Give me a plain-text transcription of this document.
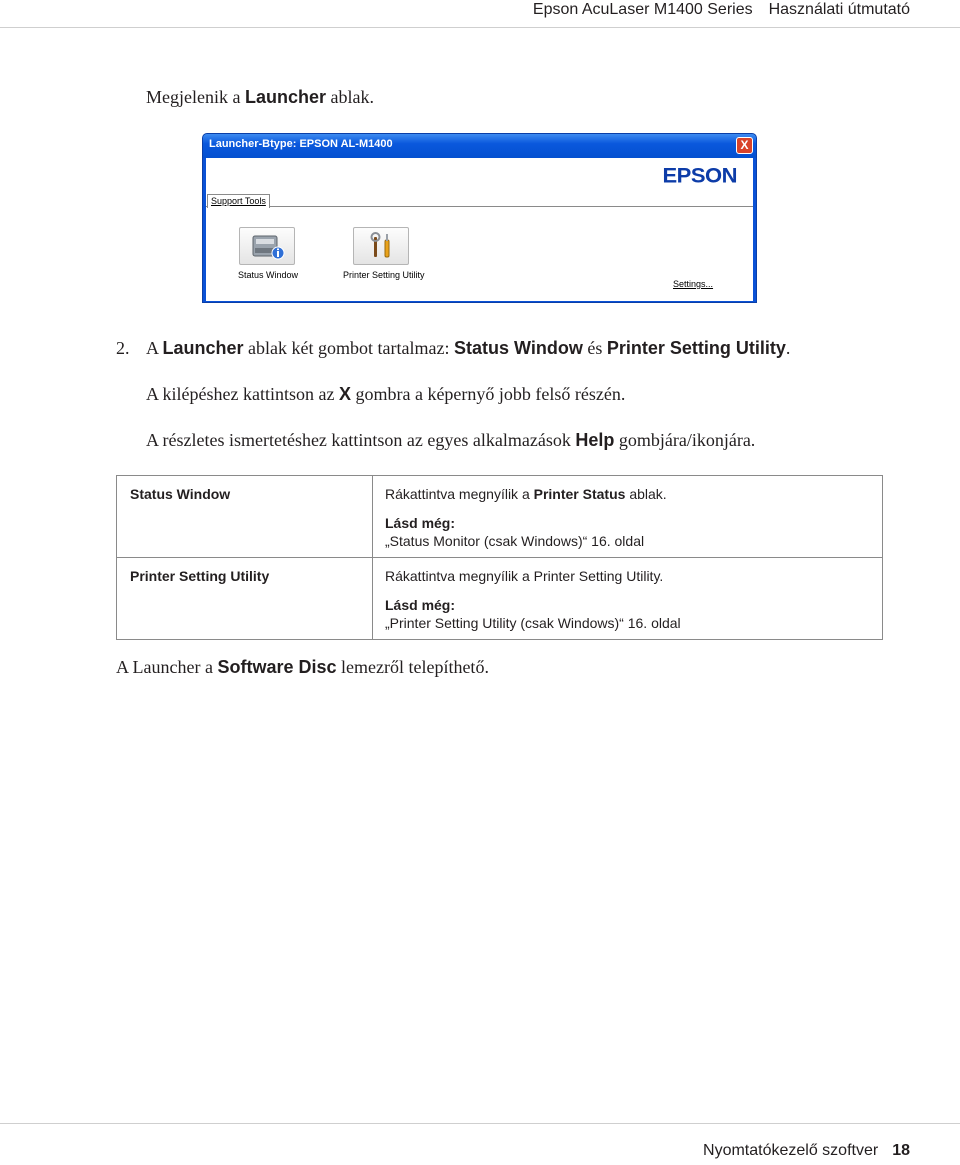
Epson AcuLaser M1400 Series Használati útmutató
Megjelenik a Launcher ablak.
Launcher-Btype: EPSON AL-M1400	X
EPSON
Support Tools
Status Window	Printer Setting Utility
Settings...
2. A Launcher ablak két gombot tartalmaz: Status Window és Printer Setting Utility.
A kilépéshez kattintson az X gombra a képernyő jobb felső részén.
A részletes ismertetéshez kattintson az egyes alkalmazások Help gombjára/ikonjára.
Status Window	Rákattintva megnyílik a Printer Status ablak.
Lásd még:
„Status Monitor (csak Windows)“ 16. oldal
Printer Setting Utility	Rákattintva megnyílik a Printer Setting Utility.
Lásd még:
„Printer Setting Utility (csak Windows)“ 16. oldal
A Launcher a Software Disc lemezről telepíthető.
Nyomtatókezelő szoftver 18
